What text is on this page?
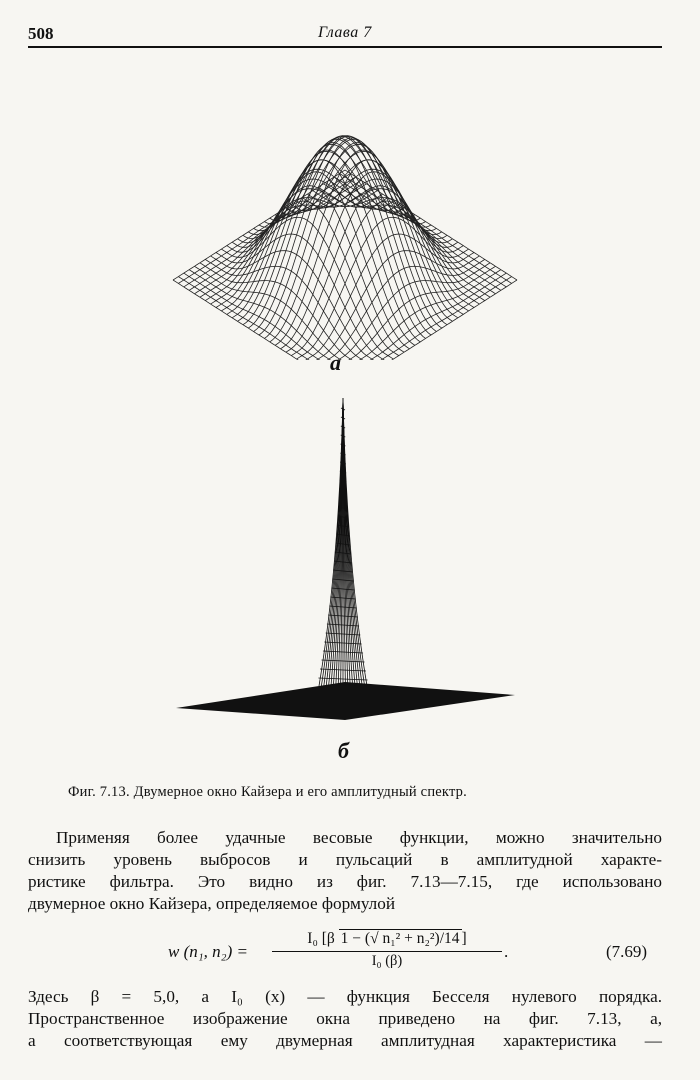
508	Глава 7
а
б
Фиг. 7.13. Двумерное окно Кайзера и его амплитудный спектр.
Применяя более удачные весовые функции, можно значительно
снизить уровень выбросов и пульсаций в амплитудной характе-
ристике фильтра. Это видно из фиг. 7.13—7.15, где использовано
двумерное окно Кайзера, определяемое формулой
w (n₁, n₂) =
I₀ [β 1 − (√ n₁² + n₂²)/14 ]
I₀ (β)
.	(7.69)
Здесь β = 5,0, а I₀ (x) — функция Бесселя нулевого порядка.
Пространственное изображение окна приведено на фиг. 7.13, а,
а соответствующая ему двумерная амплитудная характеристика —
